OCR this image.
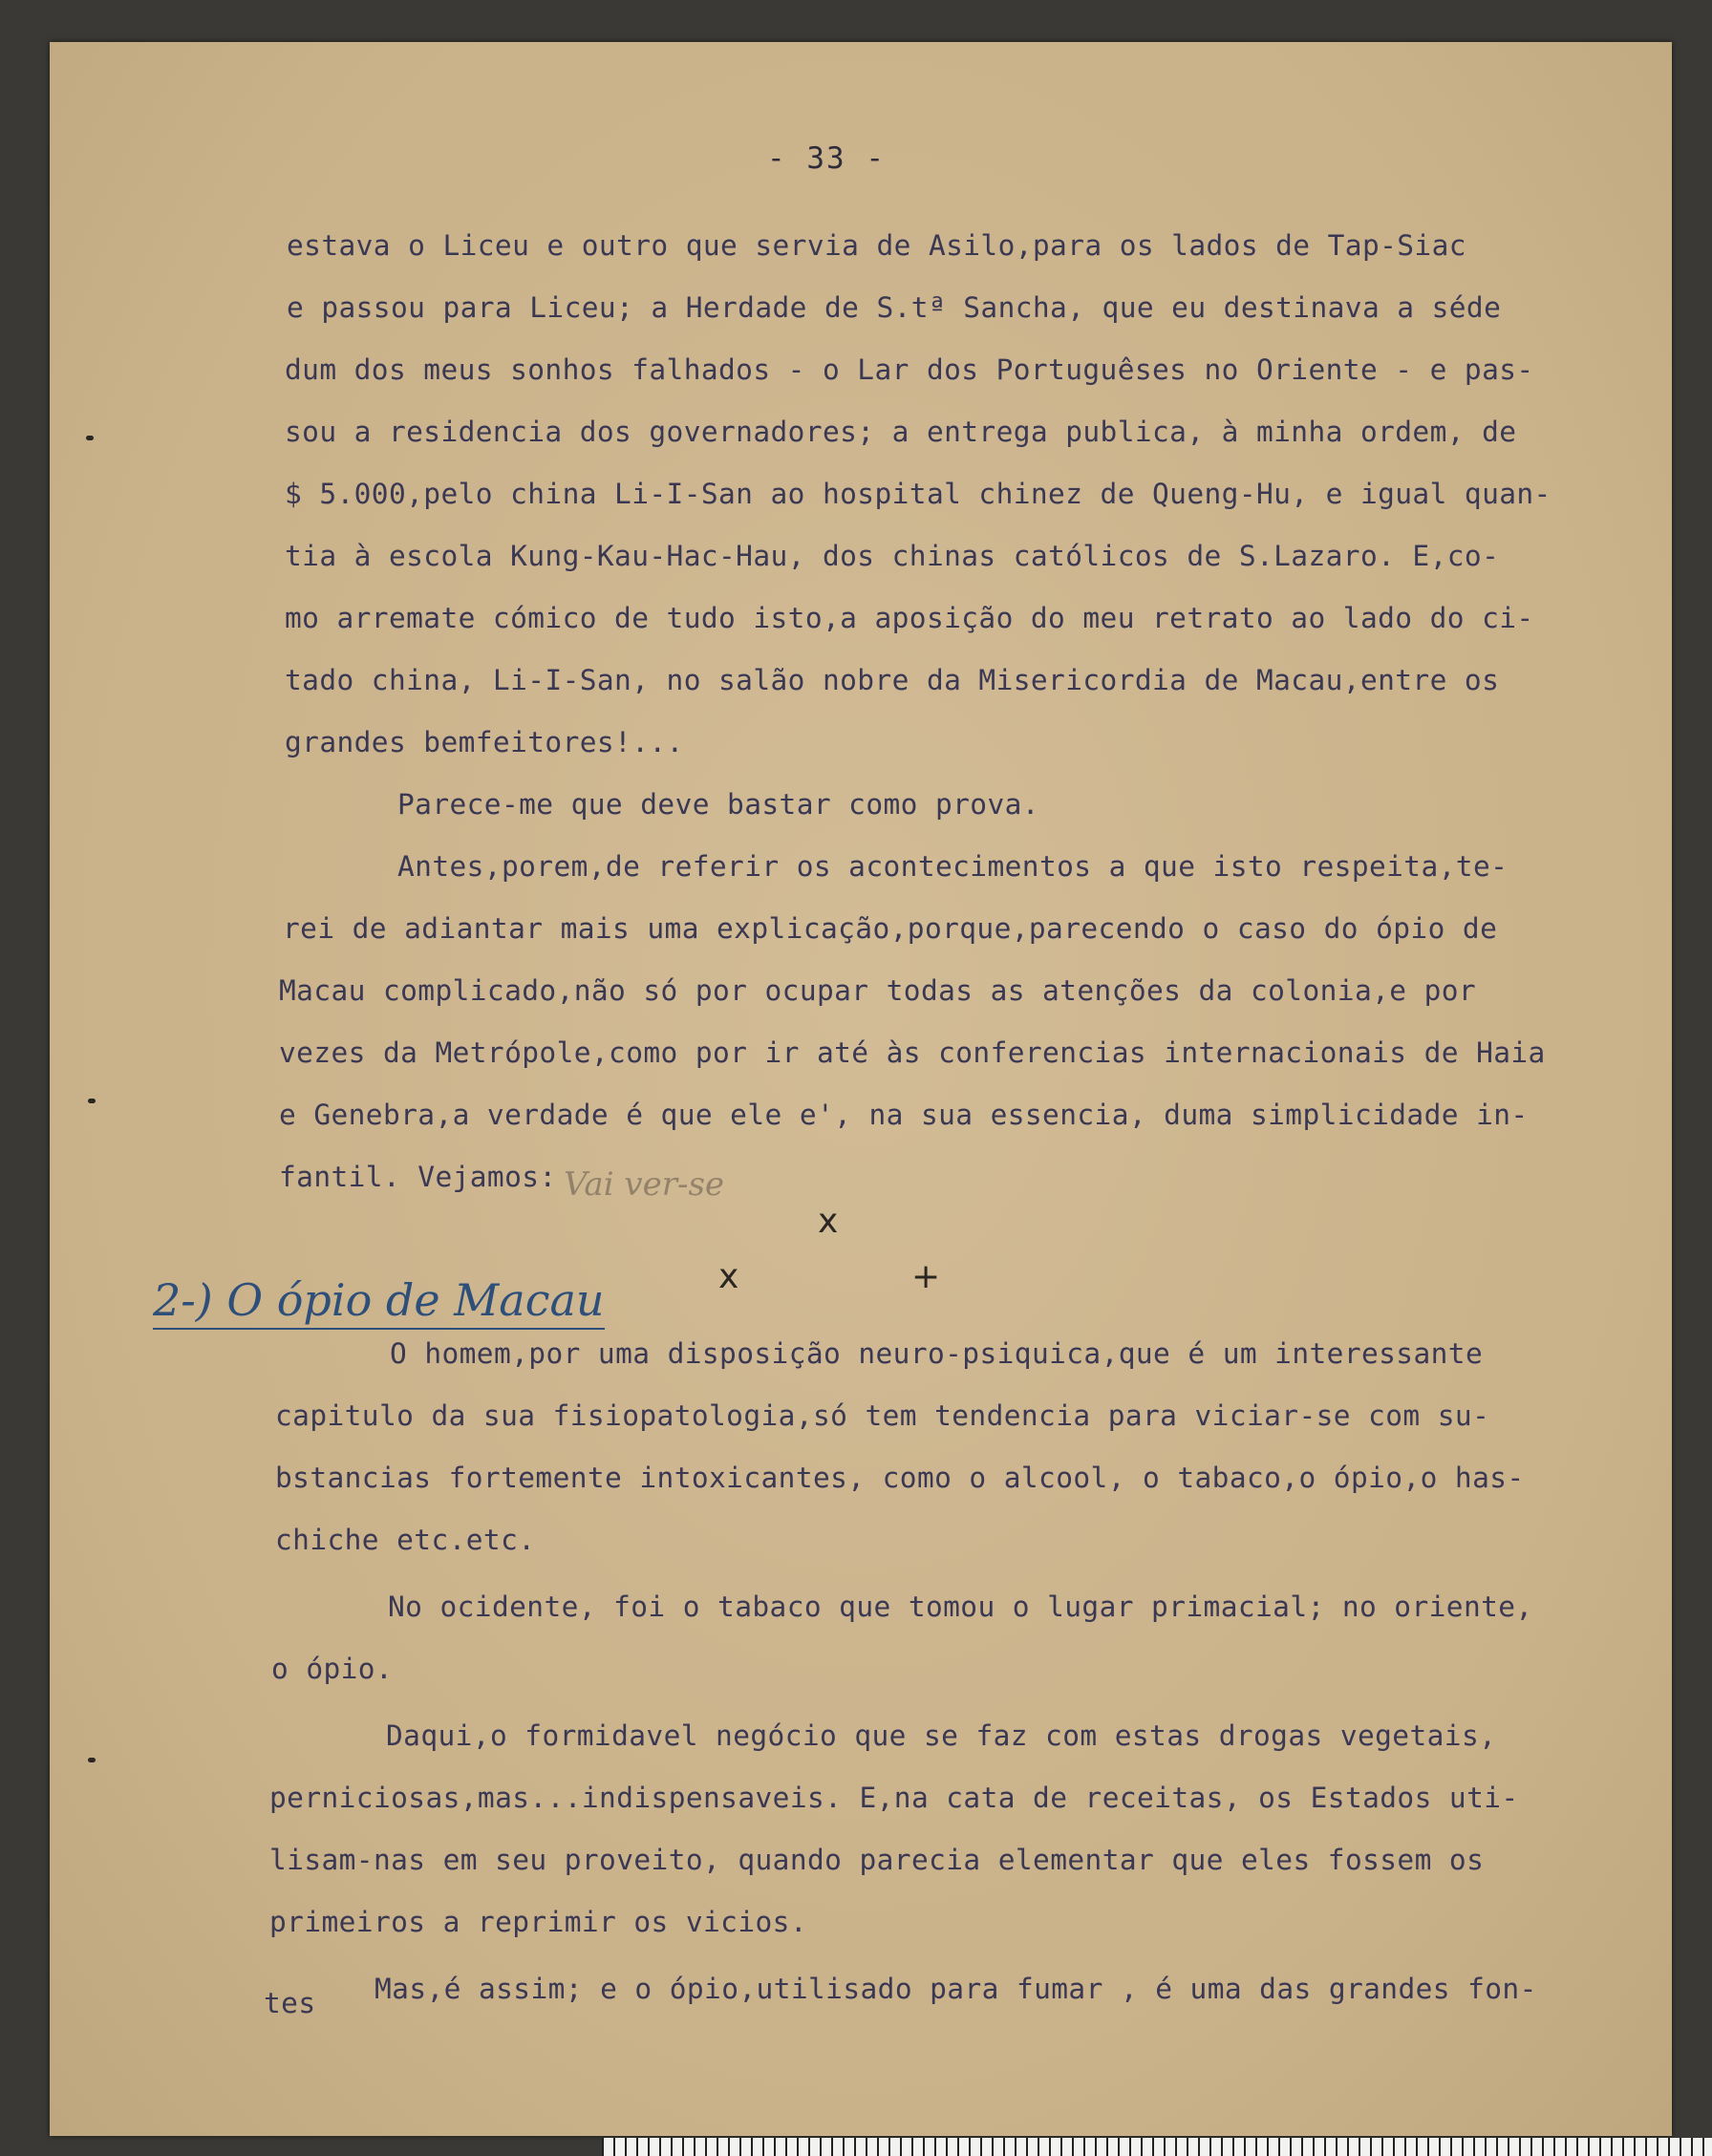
- 33 -
estava o Liceu e outro que servia de Asilo,para os lados de Tap-Siac
e passou para Liceu; a Herdade de S.tª Sancha, que eu destinava a séde
dum dos meus sonhos falhados - o Lar dos Portuguêses no Oriente - e pas-
sou a residencia dos governadores; a entrega publica, à minha ordem, de
$ 5.000,pelo china Li-I-San ao hospital chinez de Queng-Hu, e igual quan-
tia à escola Kung-Kau-Hac-Hau, dos chinas católicos de S.Lazaro. E,co-
mo arremate cómico de tudo isto,a aposição do meu retrato ao lado do ci-
tado china, Li-I-San, no salão nobre da Misericordia de Macau,entre os
grandes bemfeitores!...
Parece-me que deve bastar como prova.
Antes,porem,de referir os acontecimentos a que isto respeita,te-
rei de adiantar mais uma explicação,porque,parecendo o caso do ópio de
Macau complicado,não só por ocupar todas as atenções da colonia,e por
vezes da Metrópole,como por ir até às conferencias internacionais de Haia
e Genebra,a verdade é que ele e', na sua essencia, duma simplicidade in-
fantil. Vejamos:
O homem,por uma disposição neuro-psiquica,que é um interessante
capitulo da sua fisiopatologia,só tem tendencia para viciar-se com su-
bstancias fortemente intoxicantes, como o alcool, o tabaco,o ópio,o has-
chiche etc.etc.
No ocidente, foi o tabaco que tomou o lugar primacial; no oriente,
o ópio.
Daqui,o formidavel negócio que se faz com estas drogas vegetais,
perniciosas,mas...indispensaveis. E,na cata de receitas, os Estados uti-
lisam-nas em seu proveito, quando parecia elementar que eles fossem os
primeiros a reprimir os vicios.
Mas,é assim; e o ópio,utilisado para fumar , é uma das grandes fon-
tes
2-) O ópio de Macau
Vai ver-se
x
x	+
